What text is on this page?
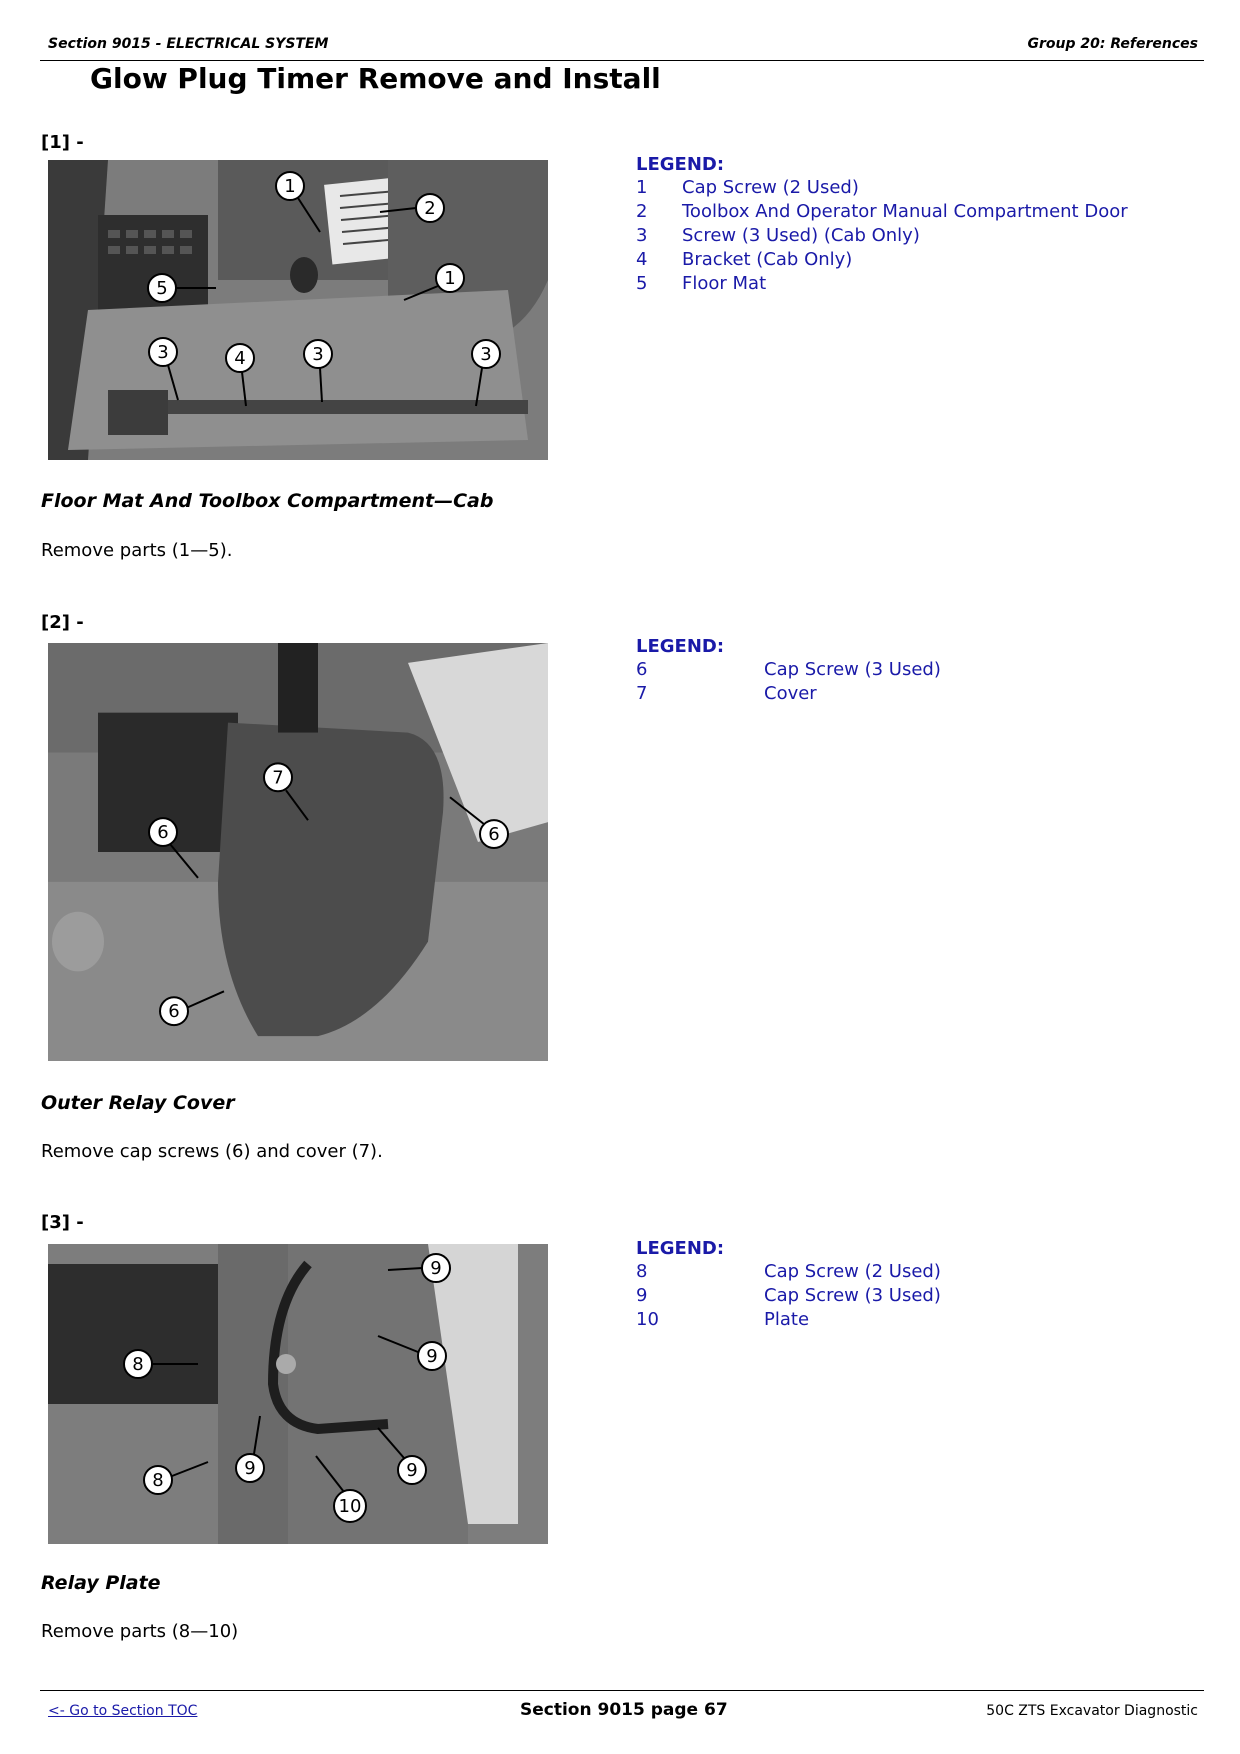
Section 9015 - ELECTRICAL SYSTEM	Group 20: References
Glow Plug Timer Remove and Install
[1] -
1
2
1
5
3	4	3	3
LEGEND:
1 Cap Screw (2 Used)
2 Toolbox And Operator Manual Compartment Door
3 Screw (3 Used) (Cab Only)
4 Bracket (Cab Only)
5 Floor Mat
Floor Mat And Toolbox Compartment—Cab
Remove parts (1—5).
[2] -
7
6	6
6
LEGEND:
6	Cap Screw (3 Used)
7	Cover
Outer Relay Cover
Remove cap screws (6) and cover (7).
[3] -
9
9
8
8
9	9
10
LEGEND:
8	Cap Screw (2 Used)
9	Cap Screw (3 Used)
10	Plate
Relay Plate
Remove parts (8—10)
<- Go to Section TOC	Section 9015 page 67	50C ZTS Excavator Diagnostic
